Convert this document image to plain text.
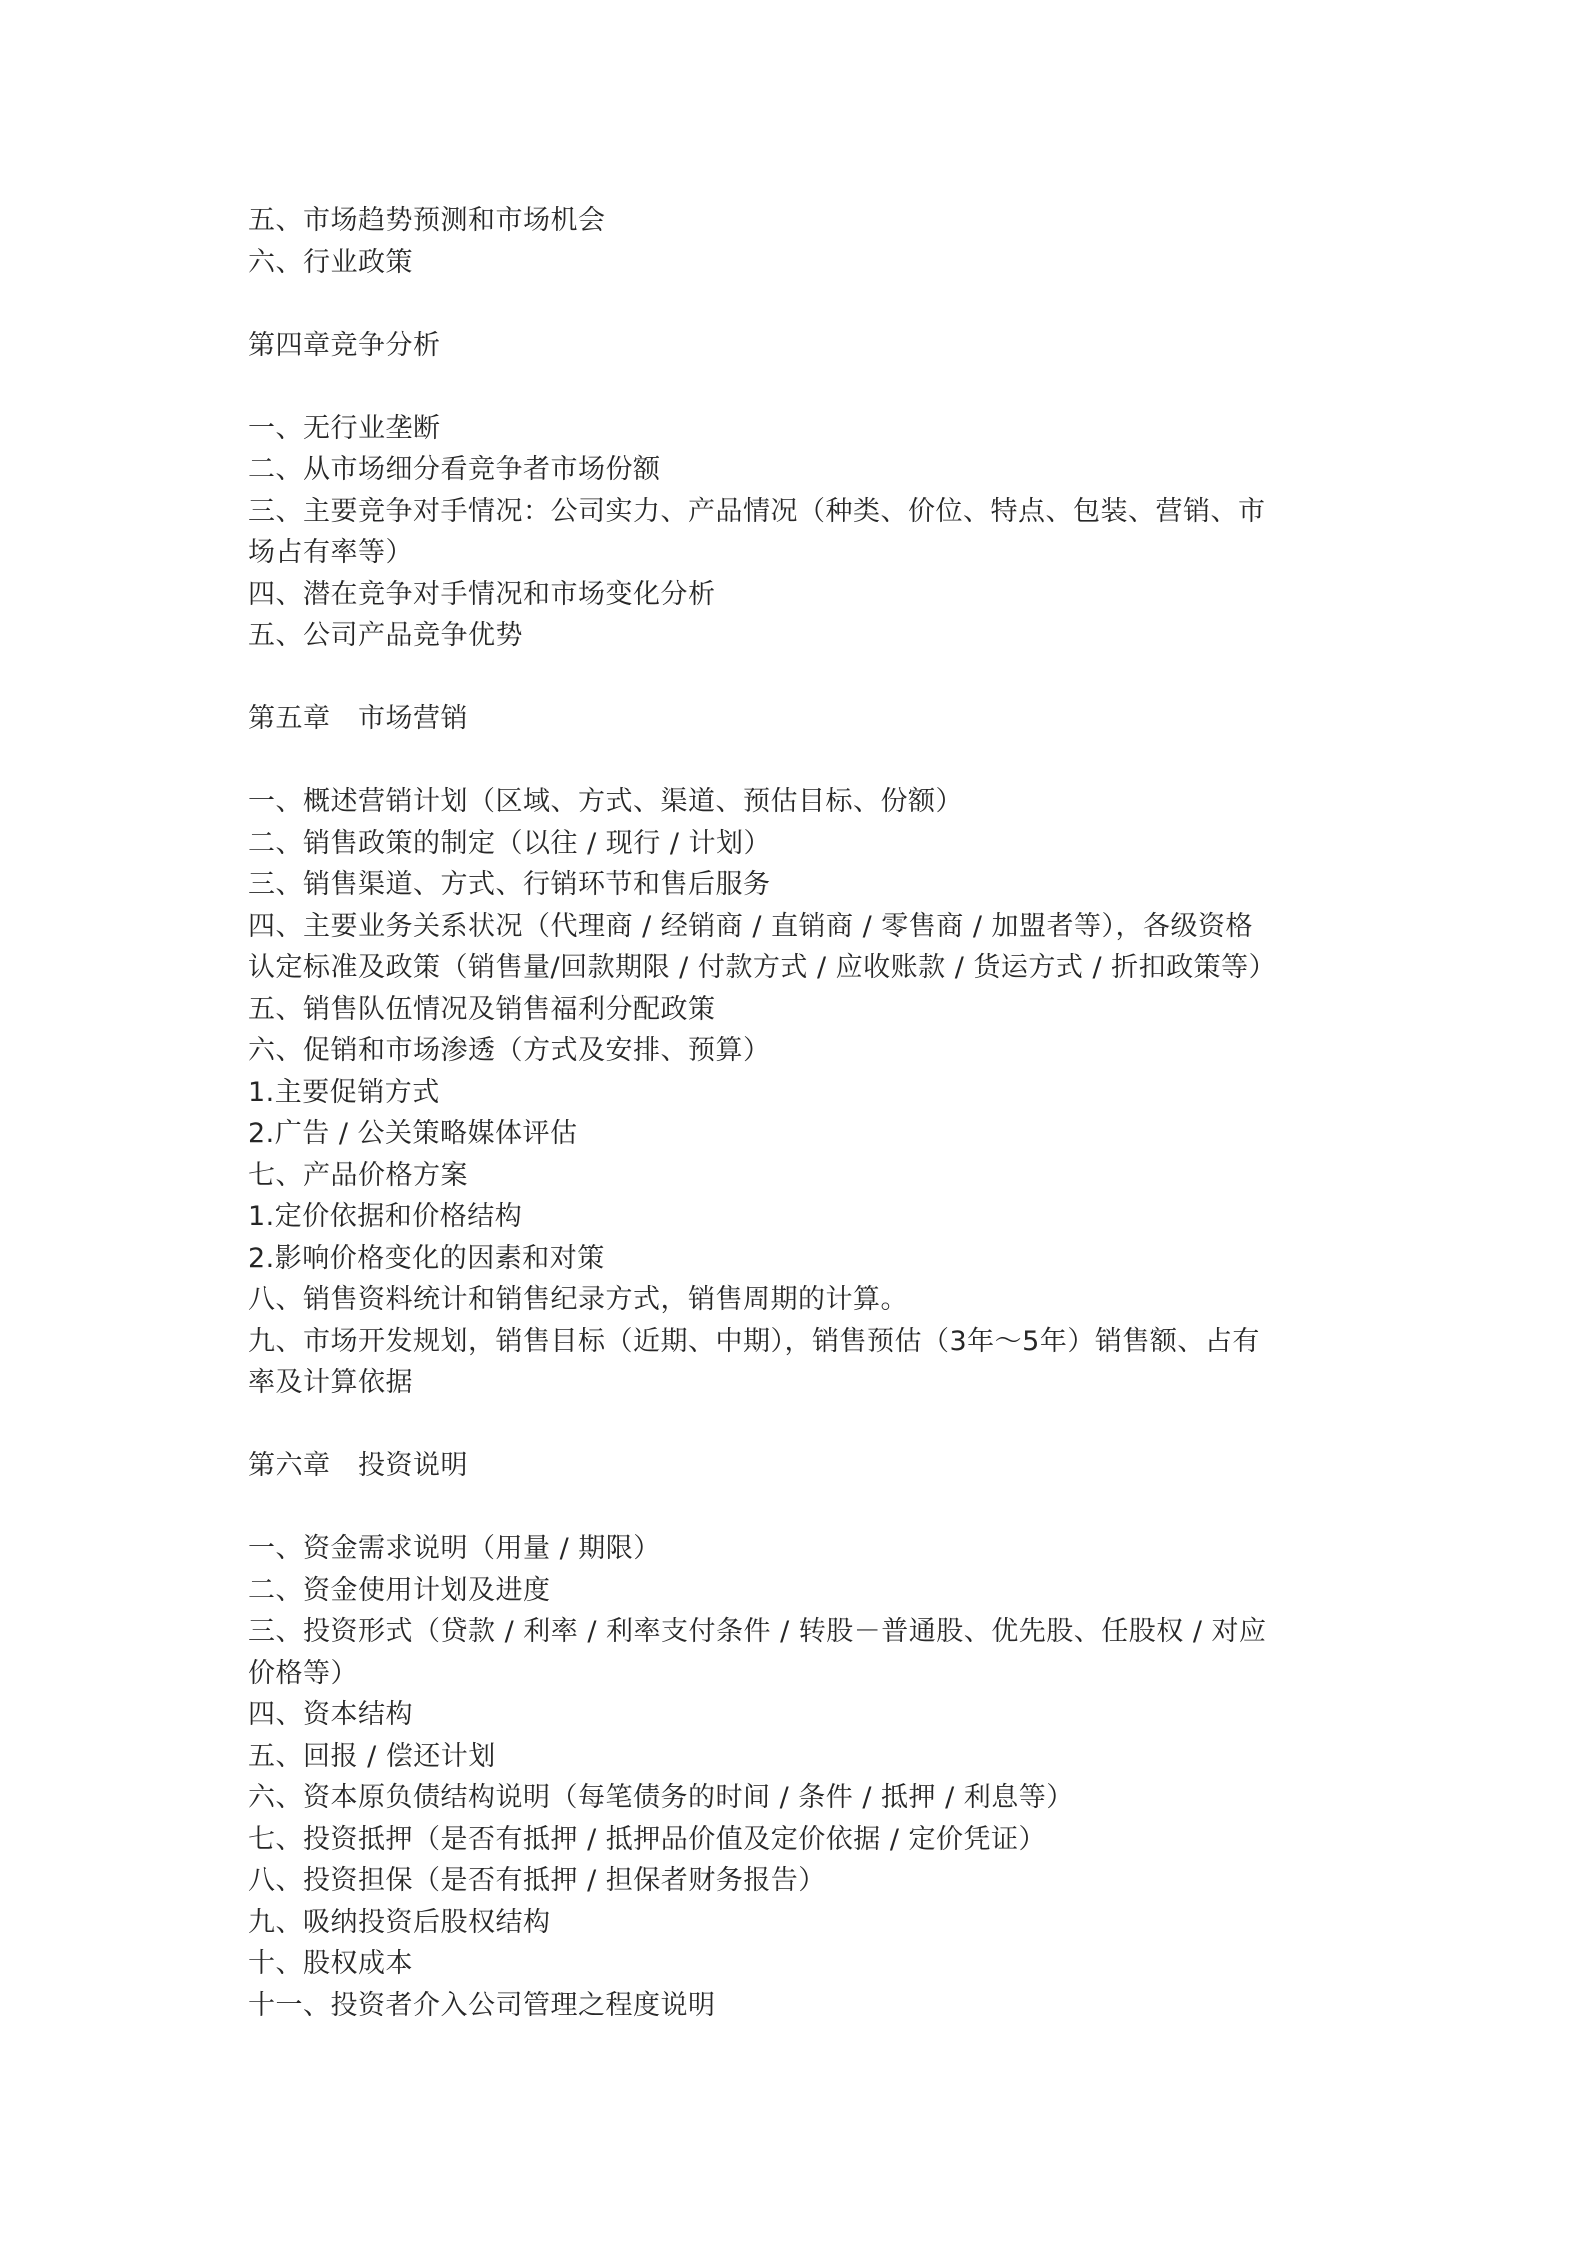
五、市场趋势预测和市场机会
六、行业政策
第四章竞争分析
一、无行业垄断
二、从市场细分看竞争者市场份额
三、主要竞争对手情况：公司实力、产品情况（种类、价位、特点、包装、营销、市
场占有率等）
四、潜在竞争对手情况和市场变化分析
五、公司产品竞争优势
第五章　市场营销
一、概述营销计划（区域、方式、渠道、预估目标、份额）
二、销售政策的制定（以往 / 现行 / 计划）
三、销售渠道、方式、行销环节和售后服务
四、主要业务关系状况（代理商 / 经销商 / 直销商 / 零售商 / 加盟者等），各级资格
认定标准及政策（销售量/回款期限 / 付款方式 / 应收账款 / 货运方式 / 折扣政策等）
五、销售队伍情况及销售福利分配政策
六、促销和市场渗透（方式及安排、预算）
1.主要促销方式
2.广告 / 公关策略媒体评估
七、产品价格方案
1.定价依据和价格结构
2.影响价格变化的因素和对策
八、销售资料统计和销售纪录方式，销售周期的计算。
九、市场开发规划，销售目标（近期、中期），销售预估（3年～5年）销售额、占有
率及计算依据
第六章　投资说明
一、资金需求说明（用量 / 期限）
二、资金使用计划及进度
三、投资形式（贷款 / 利率 / 利率支付条件 / 转股－普通股、优先股、任股权 / 对应
价格等）
四、资本结构
五、回报 / 偿还计划
六、资本原负债结构说明（每笔债务的时间 / 条件 / 抵押 / 利息等）
七、投资抵押（是否有抵押 / 抵押品价值及定价依据 / 定价凭证）
八、投资担保（是否有抵押 / 担保者财务报告）
九、吸纳投资后股权结构
十、股权成本
十一、投资者介入公司管理之程度说明
